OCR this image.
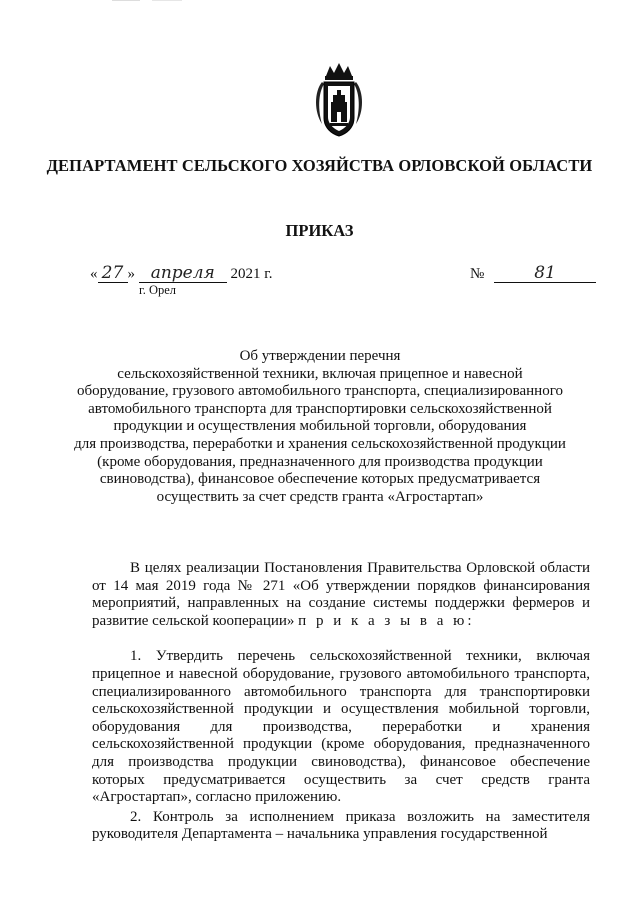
ДЕПАРТАМЕНТ СЕЛЬСКОГО ХОЗЯЙСТВА ОРЛОВСКОЙ ОБЛАСТИ
ПРИКАЗ
« 27 » апреля 2021 г.
г. Орел
№	81
Об утверждении перечня
сельскохозяйственной техники, включая прицепное и навесной
оборудование, грузового автомобильного транспорта, специализированного
автомобильного транспорта для транспортировки сельскохозяйственной
продукции и осуществления мобильной торговли, оборудования
для производства, переработки и хранения сельскохозяйственной продукции
(кроме оборудования, предназначенного для производства продукции
свиноводства), финансовое обеспечение которых предусматривается
осуществить за счет средств гранта «Агростартап»
В целях реализации Постановления Правительства Орловской области от 14 мая 2019 года № 271 «Об утверждении порядков финансирования мероприятий, направленных на создание системы поддержки фермеров и развитие сельской кооперации» п р и к а з ы в а ю:
1. Утвердить перечень сельскохозяйственной техники, включая прицепное и навесной оборудование, грузового автомобильного транспорта, специализированного автомобильного транспорта для транспортировки сельскохозяйственной продукции и осуществления мобильной торговли, оборудования для производства, переработки и хранения сельскохозяйственной продукции (кроме оборудования, предназначенного для производства продукции свиноводства), финансовое обеспечение которых предусматривается осуществить за счет средств гранта «Агростартап», согласно приложению.
2. Контроль за исполнением приказа возложить на заместителя руководителя Департамента – начальника управления государственной
